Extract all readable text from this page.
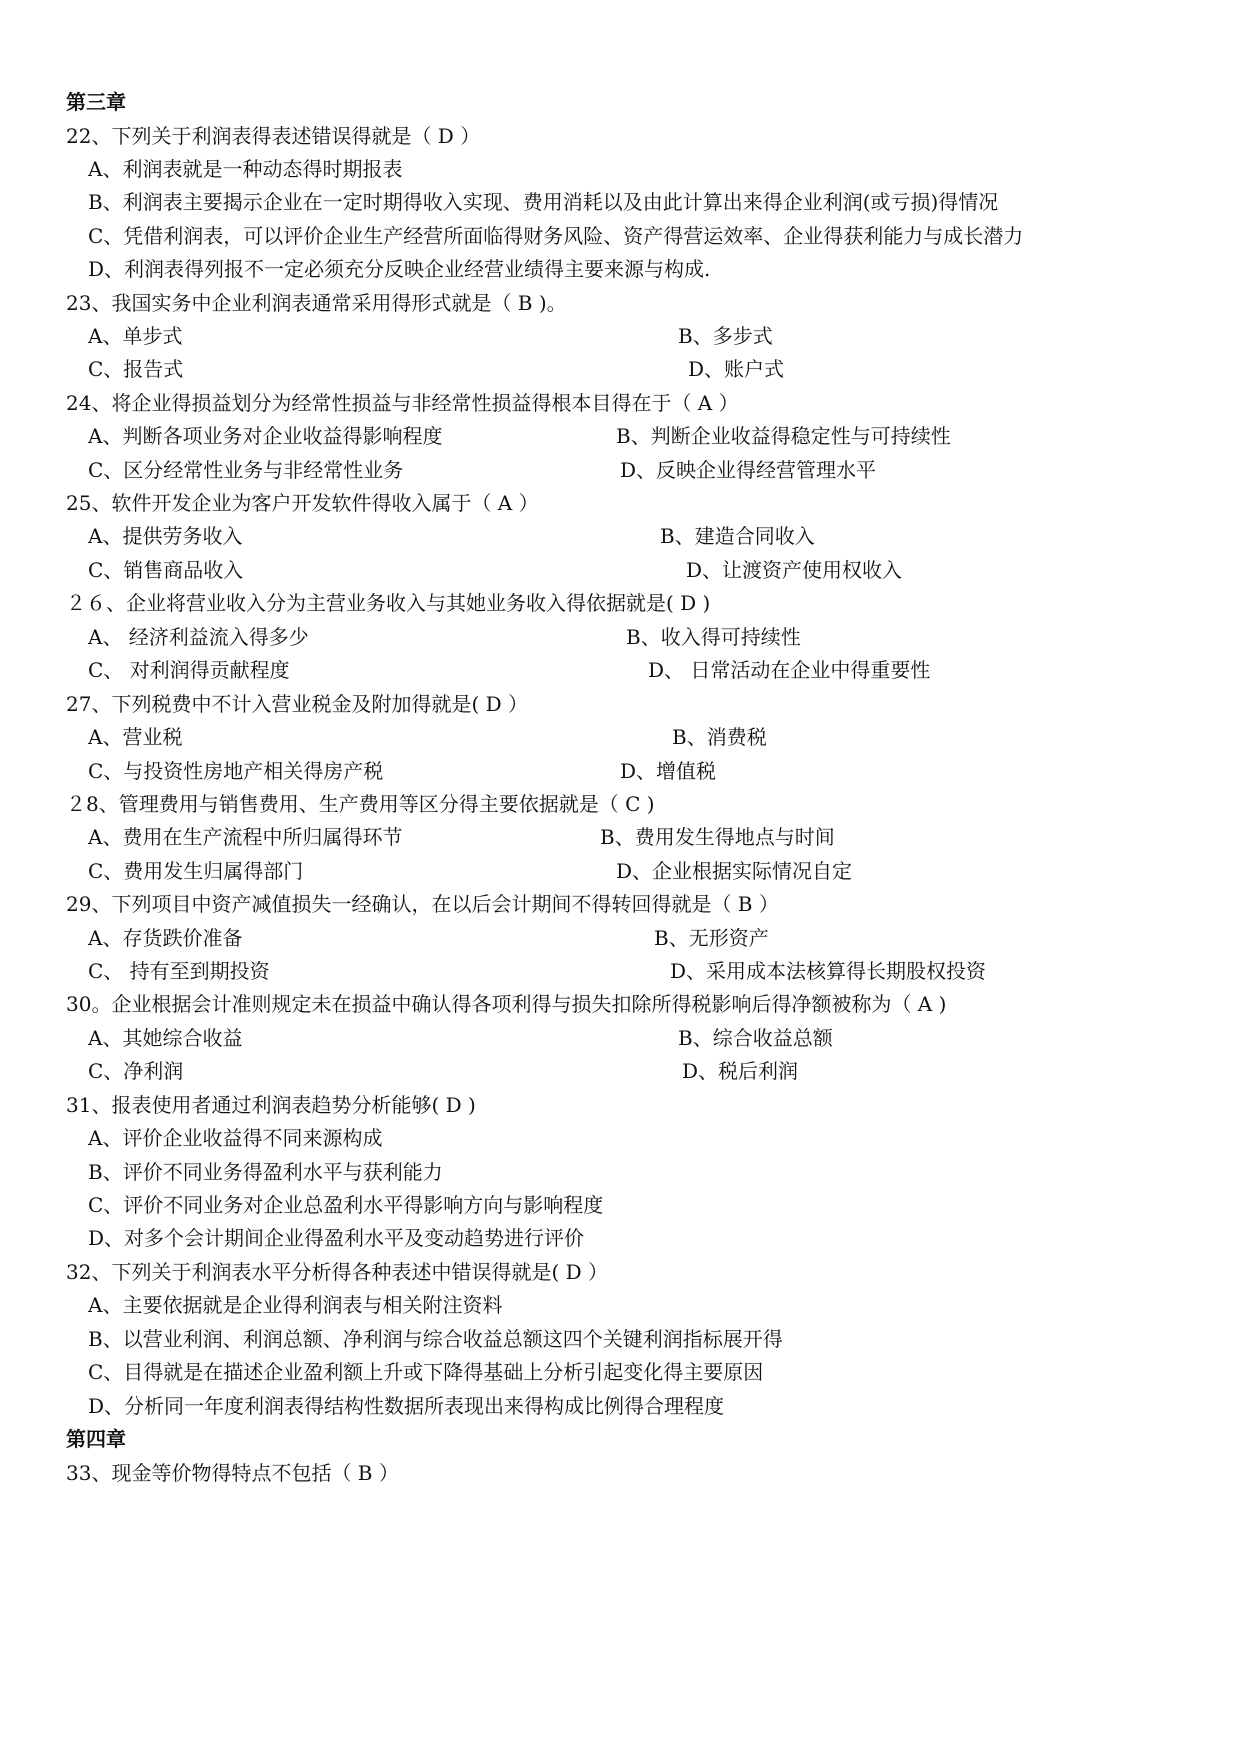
第三章
22、下列关于利润表得表述错误得就是（ D ）
A、利润表就是一种动态得时期报表
B、利润表主要揭示企业在一定时期得收入实现、费用消耗以及由此计算出来得企业利润(或亏损)得情况
C、凭借利润表，可以评价企业生产经营所面临得财务风险、资产得营运效率、企业得获利能力与成长潜力
D、利润表得列报不一定必须充分反映企业经营业绩得主要来源与构成.
23、我国实务中企业利润表通常采用得形式就是（ B )。
A、单步式	B、多步式
C、报告式	D、账户式
24、将企业得损益划分为经常性损益与非经常性损益得根本目得在于（ A ）
A、判断各项业务对企业收益得影响程度	B、判断企业收益得稳定性与可持续性
C、区分经常性业务与非经常性业务	D、反映企业得经营管理水平
25、软件开发企业为客户开发软件得收入属于（ A ）
A、提供劳务收入	B、建造合同收入
C、销售商品收入	D、让渡资产使用权收入
２６、企业将营业收入分为主营业务收入与其她业务收入得依据就是( D )
A、 经济利益流入得多少	B、收入得可持续性
C、 对利润得贡献程度	D、 日常活动在企业中得重要性
27、下列税费中不计入营业税金及附加得就是( D ）
A、营业税	B、消费税
C、与投资性房地产相关得房产税	D、增值税
２8、管理费用与销售费用、生产费用等区分得主要依据就是（ C )
A、费用在生产流程中所归属得环节	B、费用发生得地点与时间
C、费用发生归属得部门	D、企业根据实际情况自定
29、下列项目中资产减值损失一经确认，在以后会计期间不得转回得就是（ B ）
A、存货跌价准备	B、无形资产
C、 持有至到期投资	D、采用成本法核算得长期股权投资
30。企业根据会计准则规定未在损益中确认得各项利得与损失扣除所得税影响后得净额被称为（ A )
A、其她综合收益	B、综合收益总额
C、净利润	D、税后利润
31、报表使用者通过利润表趋势分析能够( D )
A、评价企业收益得不同来源构成
B、评价不同业务得盈利水平与获利能力
C、评价不同业务对企业总盈利水平得影响方向与影响程度
D、对多个会计期间企业得盈利水平及变动趋势进行评价
32、下列关于利润表水平分析得各种表述中错误得就是( D ）
A、主要依据就是企业得利润表与相关附注资料
B、以营业利润、利润总额、净利润与综合收益总额这四个关键利润指标展开得
C、目得就是在描述企业盈利额上升或下降得基础上分析引起变化得主要原因
D、分析同一年度利润表得结构性数据所表现出来得构成比例得合理程度
第四章
33、现金等价物得特点不包括（ B ）
